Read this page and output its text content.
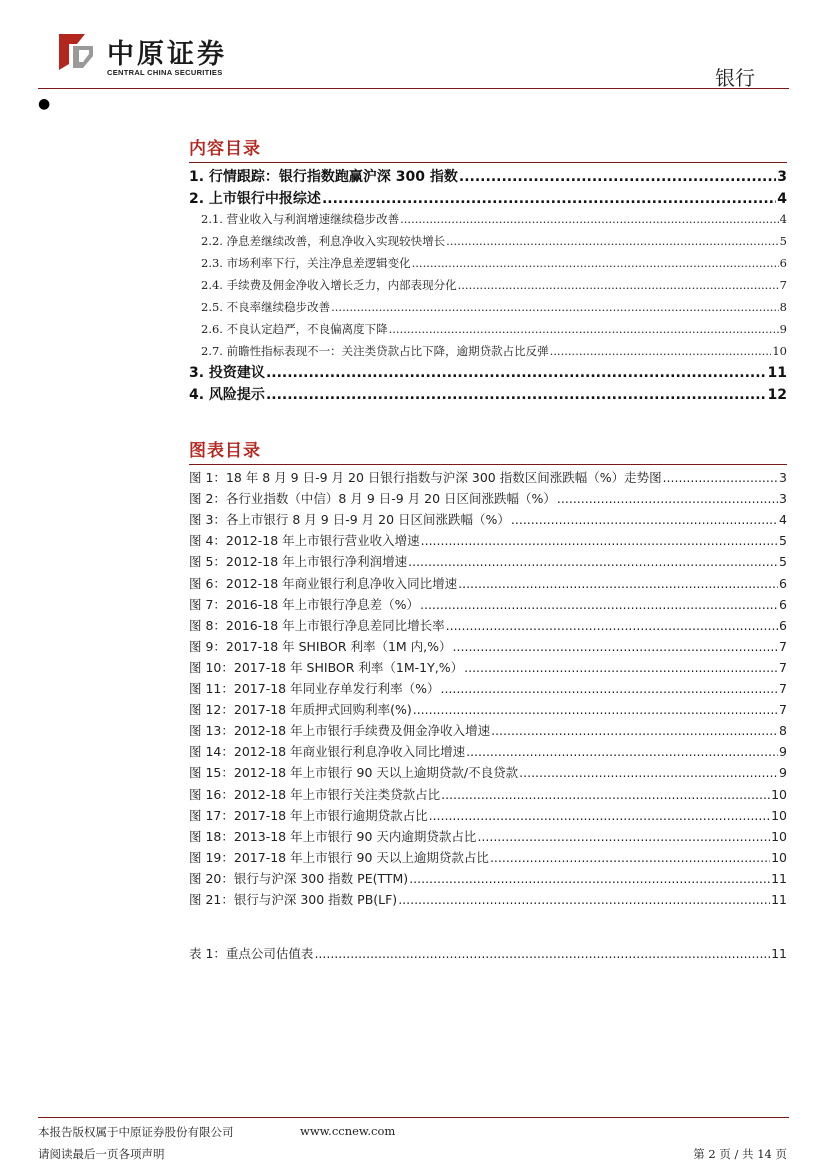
中原证券
CENTRAL CHINA SECURITIES	银行
●
内容目录
1. 行情跟踪：银行指数跑赢沪深 300 指数 .....	3
2. 上市银行中报综述 .....	4
2.1. 营业收入与利润增速继续稳步改善 .....	4
2.2. 净息差继续改善，利息净收入实现较快增长 .....	5
2.3. 市场利率下行，关注净息差逻辑变化 .....	6
2.4. 手续费及佣金净收入增长乏力，内部表现分化 .....	7
2.5. 不良率继续稳步改善 .....	8
2.6. 不良认定趋严，不良偏离度下降 .....	9
2.7. 前瞻性指标表现不一：关注类贷款占比下降，逾期贷款占比反弹 .....	10
3. 投资建议 .....	11
4. 风险提示 .....	12
图表目录
图 1：18 年 8 月 9 日-9 月 20 日银行指数与沪深 300 指数区间涨跌幅（%）走势图 .....	3
图 2：各行业指数（中信）8 月 9 日-9 月 20 日区间涨跌幅（%） .....	3
图 3：各上市银行 8 月 9 日-9 月 20 日区间涨跌幅（%） .....	4
图 4：2012-18 年上市银行营业收入增速 .....	5
图 5：2012-18 年上市银行净利润增速 .....	5
图 6：2012-18 年商业银行利息净收入同比增速 .....	6
图 7：2016-18 年上市银行净息差（%） .....	6
图 8：2016-18 年上市银行净息差同比增长率 .....	6
图 9：2017-18 年 SHIBOR 利率（1M 内,%） .....	7
图 10：2017-18 年 SHIBOR 利率（1M-1Y,%） .....	7
图 11：2017-18 年同业存单发行利率（%） .....	7
图 12：2017-18 年质押式回购利率(%) .....	7
图 13：2012-18 年上市银行手续费及佣金净收入增速 .....	8
图 14：2012-18 年商业银行利息净收入同比增速 .....	9
图 15：2012-18 年上市银行 90 天以上逾期贷款/不良贷款 .....	9
图 16：2012-18 年上市银行关注类贷款占比 .....	10
图 17：2017-18 年上市银行逾期贷款占比 .....	10
图 18：2013-18 年上市银行 90 天内逾期贷款占比 .....	10
图 19：2017-18 年上市银行 90 天以上逾期贷款占比 .....	10
图 20：银行与沪深 300 指数 PE(TTM) .....	11
图 21：银行与沪深 300 指数 PB(LF) .....	11
表 1：重点公司估值表 .....	11
本报告版权属于中原证券股份有限公司	www.ccnew.com
请阅读最后一页各项声明	第 2 页 / 共 14 页
